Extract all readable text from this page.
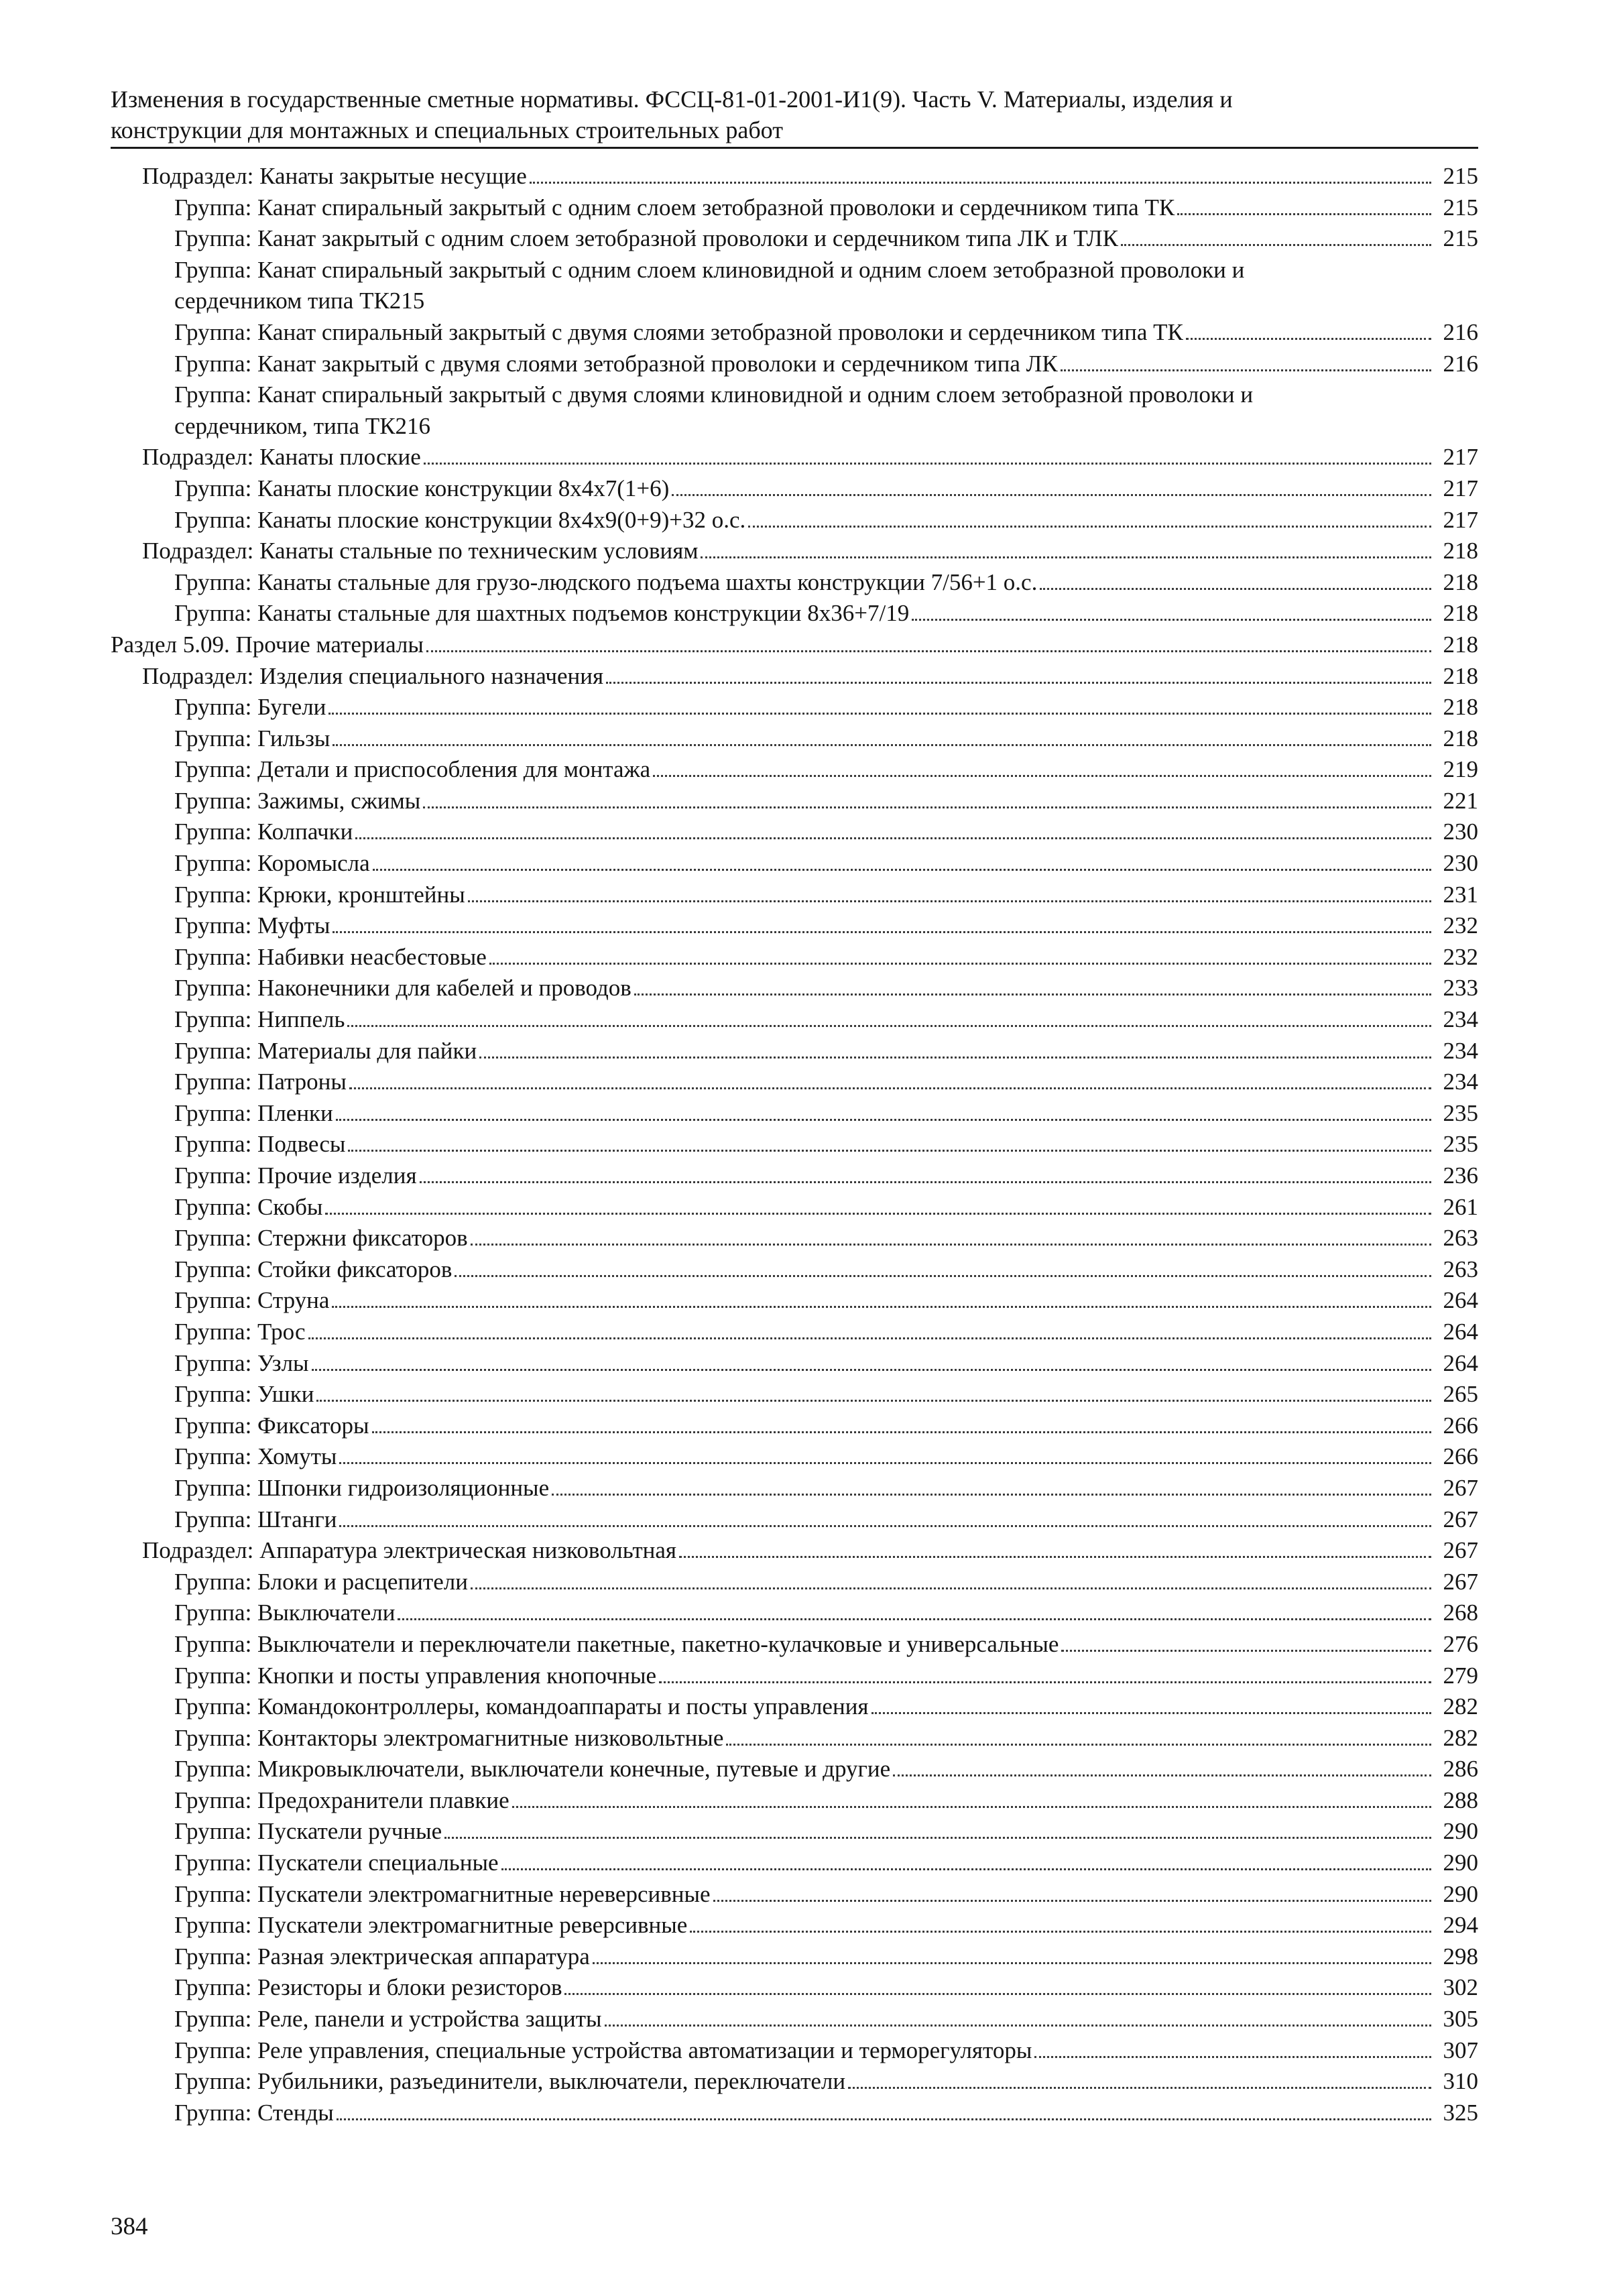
Изменения в государственные сметные нормативы. ФССЦ-81-01-2001-И1(9). Часть V. Материалы, изделия и
конструкции для монтажных и специальных строительных работ
Подраздел: Канаты закрытые несущие	215
Группа: Канат спиральный закрытый с одним слоем зетобразной проволоки и сердечником типа ТК	215
Группа: Канат закрытый с одним слоем зетобразной проволоки и сердечником типа ЛК и ТЛК	215
Группа: Канат спиральный закрытый с одним слоем клиновидной и одним слоем зетобразной проволоки и
сердечником типа ТК 215
Группа: Канат спиральный закрытый с двумя слоями зетобразной проволоки и сердечником типа ТК	216
Группа: Канат закрытый с двумя слоями зетобразной проволоки и сердечником типа ЛК	216
Группа: Канат спиральный закрытый с двумя слоями клиновидной и одним слоем зетобразной проволоки и
сердечником, типа ТК 216
Подраздел: Канаты плоские	217
Группа: Канаты плоские конструкции 8х4х7(1+6)	217
Группа: Канаты плоские конструкции 8х4х9(0+9)+32 о.с.	217
Подраздел: Канаты стальные по техническим условиям	218
Группа: Канаты стальные для грузо-людского подъема шахты конструкции 7/56+1 о.с.	218
Группа: Канаты стальные для шахтных подъемов конструкции 8х36+7/19	218
Раздел 5.09. Прочие материалы	218
Подраздел: Изделия специального назначения	218
Группа: Бугели	218
Группа: Гильзы	218
Группа: Детали и приспособления для монтажа	219
Группа: Зажимы, сжимы	221
Группа: Колпачки	230
Группа: Коромысла	230
Группа: Крюки, кронштейны	231
Группа: Муфты	232
Группа: Набивки неасбестовые	232
Группа: Наконечники для кабелей и проводов	233
Группа: Ниппель	234
Группа: Материалы для пайки	234
Группа: Патроны	234
Группа: Пленки	235
Группа: Подвесы	235
Группа: Прочие изделия	236
Группа: Скобы	261
Группа: Стержни фиксаторов	263
Группа: Стойки фиксаторов	263
Группа: Струна	264
Группа: Трос	264
Группа: Узлы	264
Группа: Ушки	265
Группа: Фиксаторы	266
Группа: Хомуты	266
Группа: Шпонки гидроизоляционные	267
Группа: Штанги	267
Подраздел: Аппаратура электрическая низковольтная	267
Группа: Блоки и расцепители	267
Группа: Выключатели	268
Группа: Выключатели и переключатели пакетные, пакетно-кулачковые и универсальные	276
Группа: Кнопки и посты управления кнопочные	279
Группа: Командоконтроллеры, командоаппараты и посты управления	282
Группа: Контакторы электромагнитные низковольтные	282
Группа: Микровыключатели, выключатели конечные, путевые и другие	286
Группа: Предохранители плавкие	288
Группа: Пускатели ручные	290
Группа: Пускатели специальные	290
Группа: Пускатели электромагнитные нереверсивные	290
Группа: Пускатели электромагнитные реверсивные	294
Группа: Разная электрическая аппаратура	298
Группа: Резисторы и блоки резисторов	302
Группа: Реле, панели и устройства защиты	305
Группа: Реле управления, специальные устройства автоматизации и терморегуляторы	307
Группа: Рубильники, разъединители, выключатели, переключатели	310
Группа: Стенды	325
384
